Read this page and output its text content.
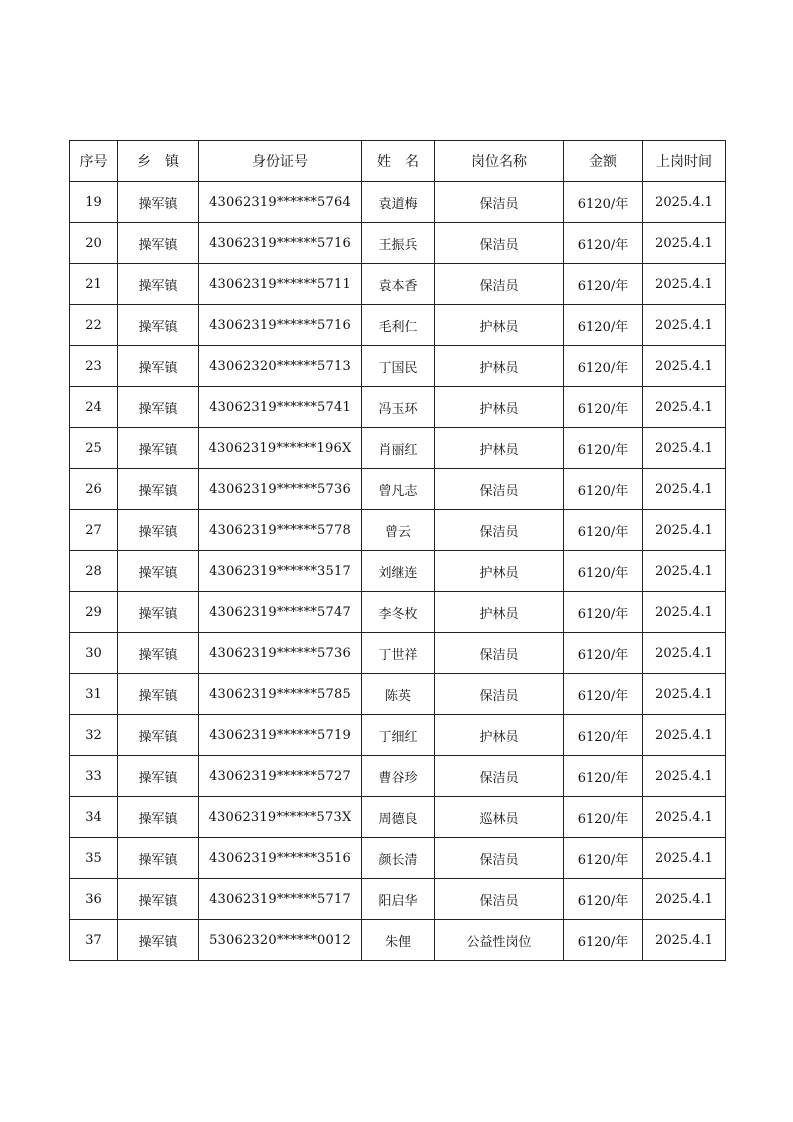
序号	乡　镇	身份证号	姓　名	岗位名称	金额	上岗时间
19	操军镇	43062319******5764	袁道梅	保洁员	6120/年	2025.4.1
20	操军镇	43062319******5716	王振兵	保洁员	6120/年	2025.4.1
21	操军镇	43062319******5711	袁本香	保洁员	6120/年	2025.4.1
22	操军镇	43062319******5716	毛利仁	护林员	6120/年	2025.4.1
23	操军镇	43062320******5713	丁国民	护林员	6120/年	2025.4.1
24	操军镇	43062319******5741	冯玉环	护林员	6120/年	2025.4.1
25	操军镇	43062319******196X	肖丽红	护林员	6120/年	2025.4.1
26	操军镇	43062319******5736	曾凡志	保洁员	6120/年	2025.4.1
27	操军镇	43062319******5778	曾云	保洁员	6120/年	2025.4.1
28	操军镇	43062319******3517	刘继连	护林员	6120/年	2025.4.1
29	操军镇	43062319******5747	李冬枚	护林员	6120/年	2025.4.1
30	操军镇	43062319******5736	丁世祥	保洁员	6120/年	2025.4.1
31	操军镇	43062319******5785	陈英	保洁员	6120/年	2025.4.1
32	操军镇	43062319******5719	丁细红	护林员	6120/年	2025.4.1
33	操军镇	43062319******5727	曹谷珍	保洁员	6120/年	2025.4.1
34	操军镇	43062319******573X	周德良	巡林员	6120/年	2025.4.1
35	操军镇	43062319******3516	颜长清	保洁员	6120/年	2025.4.1
36	操军镇	43062319******5717	阳启华	保洁员	6120/年	2025.4.1
37	操军镇	53062320******0012	朱俚	公益性岗位	6120/年	2025.4.1
